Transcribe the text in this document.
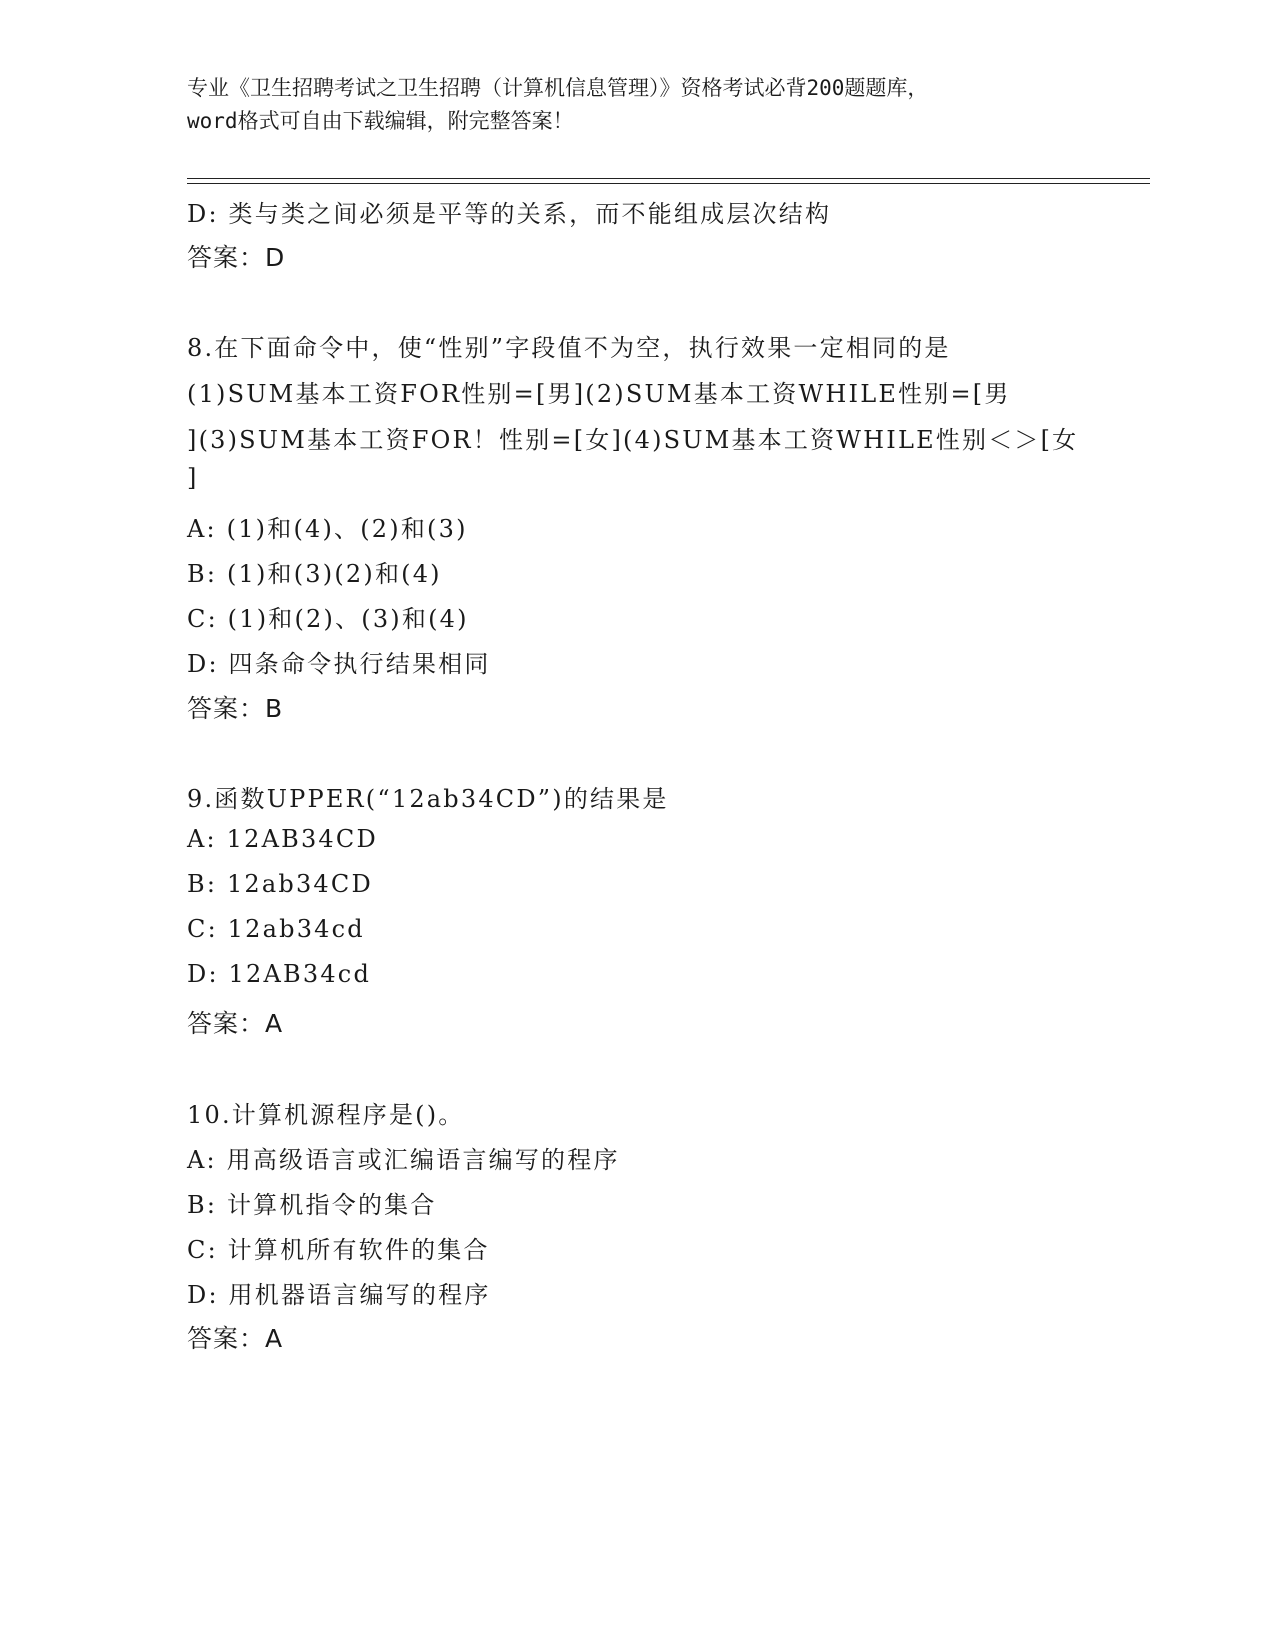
专业《卫生招聘考试之卫生招聘（计算机信息管理）》资格考试必背200题题库，
word格式可自由下载编辑，附完整答案！

D: 类与类之间必须是平等的关系，而不能组成层次结构

答案：D

8.在下面命令中，使“性别”字段值不为空，执行效果一定相同的是

(1)SUM基本工资FOR性别=[男](2)SUM基本工资WHILE性别=[男

](3)SUM基本工资FOR！性别=[女](4)SUM基本工资WHILE性别＜＞[女

]

A: (1)和(4)、(2)和(3)

B: (1)和(3)(2)和(4)

C: (1)和(2)、(3)和(4)

D: 四条命令执行结果相同

答案：B

9.函数UPPER(“12ab34CD”)的结果是

A: 12AB34CD

B: 12ab34CD

C: 12ab34cd

D: 12AB34cd

答案：A

10.计算机源程序是()。

A: 用高级语言或汇编语言编写的程序

B: 计算机指令的集合

C: 计算机所有软件的集合

D: 用机器语言编写的程序

答案：A
